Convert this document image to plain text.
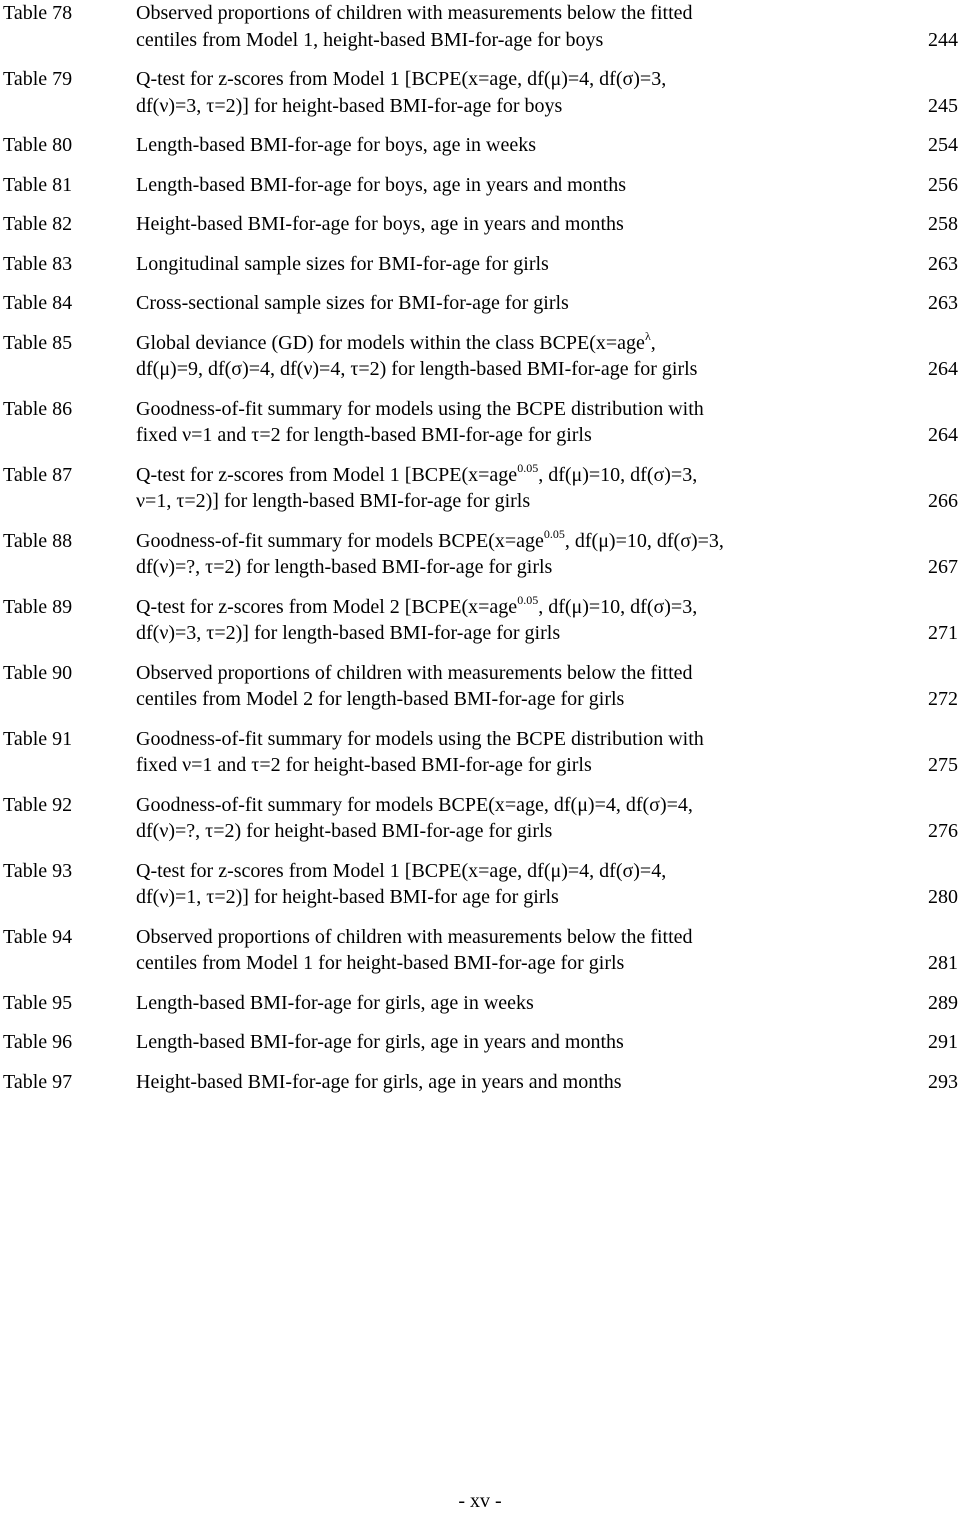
Table 78	Observed proportions of children with measurements below the fitted
centiles from Model 1, height-based BMI-for-age for boys	244
Table 79	Q-test for z-scores from Model 1 [BCPE(x=age, df(μ)=4, df(σ)=3,
df(ν)=3, τ=2)] for height-based BMI-for-age for boys	245
Table 80	Length-based BMI-for-age for boys, age in weeks	254
Table 81	Length-based BMI-for-age for boys, age in years and months	256
Table 82	Height-based BMI-for-age for boys, age in years and months	258
Table 83	Longitudinal sample sizes for BMI-for-age for girls	263
Table 84	Cross-sectional sample sizes for BMI-for-age for girls	263
Table 85	Global deviance (GD) for models within the class BCPE(x=age$^\lambda$,
df(μ)=9, df(σ)=4, df(ν)=4, τ=2) for length-based BMI-for-age for girls	264
Table 86	Goodness-of-fit summary for models using the BCPE distribution with
fixed ν=1 and τ=2 for length-based BMI-for-age for girls	264
Table 87	Q-test for z-scores from Model 1 [BCPE(x=age$^{0.05}$, df(μ)=10, df(σ)=3,
ν=1, τ=2)] for length-based BMI-for-age for girls	266
Table 88	Goodness-of-fit summary for models BCPE(x=age$^{0.05}$, df(μ)=10, df(σ)=3,
df(ν)=?, τ=2) for length-based BMI-for-age for girls	267
Table 89	Q-test for z-scores from Model 2 [BCPE(x=age$^{0.05}$, df(μ)=10, df(σ)=3,
df(ν)=3, τ=2)] for length-based BMI-for-age for girls	271
Table 90	Observed proportions of children with measurements below the fitted
centiles from Model 2 for length-based BMI-for-age for girls	272
Table 91	Goodness-of-fit summary for models using the BCPE distribution with
fixed ν=1 and τ=2 for height-based BMI-for-age for girls	275
Table 92	Goodness-of-fit summary for models BCPE(x=age, df(μ)=4, df(σ)=4,
df(ν)=?, τ=2) for height-based BMI-for-age for girls	276
Table 93	Q-test for z-scores from Model 1 [BCPE(x=age, df(μ)=4, df(σ)=4,
df(ν)=1, τ=2)] for height-based BMI-for age for girls	280
Table 94	Observed proportions of children with measurements below the fitted
centiles from Model 1 for height-based BMI-for-age for girls	281
Table 95	Length-based BMI-for-age for girls, age in weeks	289
Table 96	Length-based BMI-for-age for girls, age in years and months	291
Table 97	Height-based BMI-for-age for girls, age in years and months	293
- xv -
